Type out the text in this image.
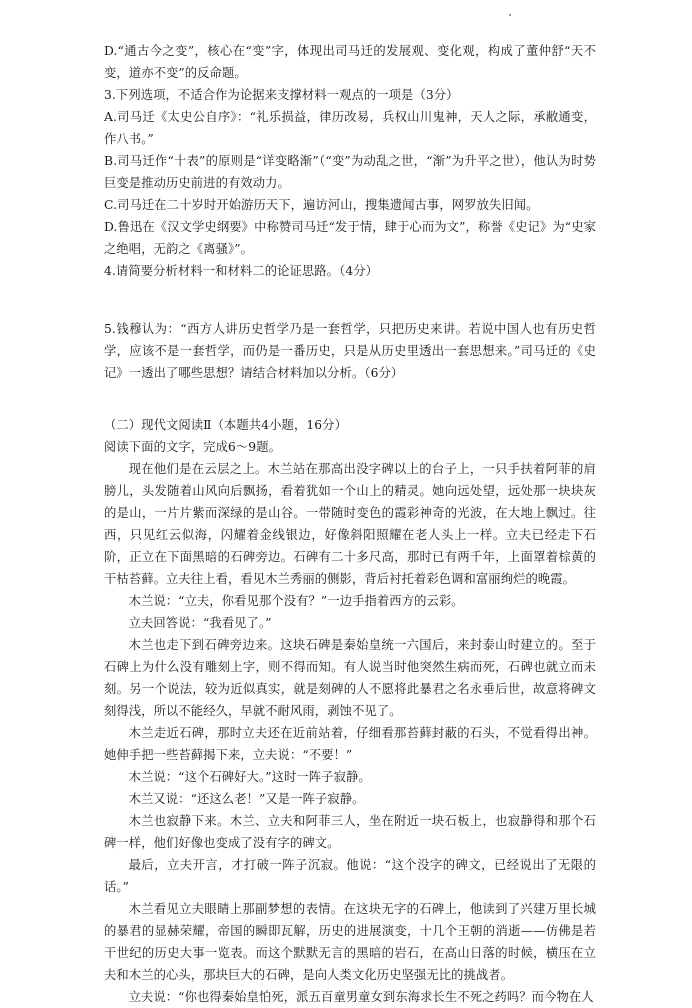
D.“通古今之变”，核心在“变”字，体现出司马迁的发展观、变化观，构成了董仲舒“天不变，道亦不变”的反命题。

3.下列选项，不适合作为论据来支撑材料一观点的一项是（3分）

A.司马迁《太史公自序》：“礼乐损益，律历改易，兵权山川鬼神，天人之际，承敝通变，作八书。”

B.司马迁作“十表”的原则是“详变略渐”（“变”为动乱之世，“渐”为升平之世），他认为时势巨变是推动历史前进的有效动力。

C.司马迁在二十岁时开始游历天下，遍访河山，搜集遗闻古事，网罗放失旧闻。

D.鲁迅在《汉文学史纲要》中称赞司马迁“发于情，肆于心而为文”，称誉《史记》为“史家之绝唱，无韵之《离骚》”。

4.请简要分析材料一和材料二的论证思路。（4分）

5.钱穆认为：“西方人讲历史哲学乃是一套哲学，只把历史来讲。若说中国人也有历史哲学，应该不是一套哲学，而仍是一番历史，只是从历史里透出一套思想来。”司马迁的《史记》一透出了哪些思想？请结合材料加以分析。（6分）

（二）现代文阅读Ⅱ（本题共4小题，16分）

阅读下面的文字，完成6～9题。

现在他们是在云层之上。木兰站在那高出没字碑以上的台子上，一只手扶着阿菲的肩膀儿，头发随着山风向后飘扬，看着犹如一个山上的精灵。她向远处望，远处那一块块灰的是山，一片片紫而深绿的是山谷。一带随时变色的霞彩神奇的光波，在大地上飘过。往西，只见红云似海，闪耀着金线银边，好像斜阳照耀在老人头上一样。立夫已经走下石阶，正立在下面黑暗的石碑旁边。石碑有二十多尺高，那时已有两千年，上面罩着棕黄的干枯苔藓。立夫往上看，看见木兰秀丽的侧影，背后衬托着彩色调和富丽绚烂的晚霞。

木兰说：“立夫，你看见那个没有？”一边手指着西方的云彩。

立夫回答说：“我看见了。”

木兰也走下到石碑旁边来。这块石碑是秦始皇统一六国后，来封泰山时建立的。至于石碑上为什么没有雕刻上字，则不得而知。有人说当时他突然生病而死，石碑也就立而未刻。另一个说法，较为近似真实，就是刻碑的人不愿将此暴君之名永垂后世，故意将碑文刻得浅，所以不能经久，早就不耐风雨，剥蚀不见了。

木兰走近石碑，那时立夫还在近前站着，仔细看那苔藓封蔽的石头，不觉看得出神。她伸手把一些苔藓揭下来，立夫说：“不要！”

木兰说：“这个石碑好大。”这时一阵子寂静。

木兰又说：“还这么老！”又是一阵子寂静。

木兰也寂静下来。木兰、立夫和阿菲三人，坐在附近一块石板上，也寂静得和那个石碑一样，他们好像也变成了没有字的碑文。

最后，立夫开言，才打破一阵子沉寂。他说：“这个没字的碑文，已经说出了无限的话。”

木兰看见立夫眼睛上那副梦想的表情。在这块无字的石碑上，他读到了兴建万里长城的暴君的显赫荣耀，帝国的瞬即瓦解，历史的进展演变，十几个王朝的消逝——仿佛是若干世纪的历史大事一览表。而这个默默无言的黑暗的岩石，在高山日落的时候，横压在立夫和木兰的心头，那块巨大的石碑，是向人类文化历史坚强无比的挑战者。

立夫说：“你也得秦始皇怕死，派五百童男童女到东海求长生不死之药吗？而今物在人
